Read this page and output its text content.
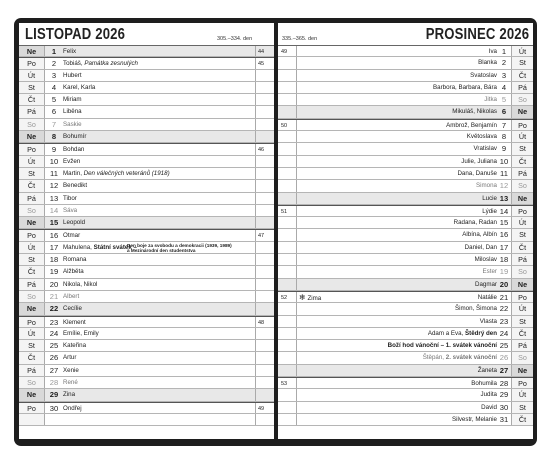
LISTOPAD 2026	305.–334. den
Ne	1	Felix	44
Po	2	Tobiáš, Památka zesnulých	45
Út	3	Hubert
St	4	Karel, Karla
Čt	5	Miriam
Pá	6	Liběna
So	7	Saskie
Ne	8	Bohumír
Po	9	Bohdan	46
Út	10 Evžen
St	11 Martin, Den válečných veteránů (1918)
Čt	12 Benedikt
Pá	13 Tibor
So	14 Sáva
Ne	15 Leopold
Po	16 Otmar	47
Út	17 Mahulena, Státní svátek –
Den boje za svobodu a demokracii (1939, 1989)
a Mezinárodní den studentstva
St	18 Romana
Čt	19 Alžběta
Pá	20 Nikola, Nikol
So	21 Albert
Ne	22 Cecílie
Po	23 Klement	48
Út	24 Emílie, Emily
St	25 Kateřina
Čt	26 Artur
Pá	27 Xenie
So	28 René
Ne	29 Zina
Po	30 Ondřej	49
335.–365. den	PROSINEC 2026
49	Iva 1	Út
Blanka 2	St
Svatoslav 3	Čt
Barbora, Barbara, Bára 4	Pá
Jitka 5	So
Mikuláš, Nikolas 6	Ne
50	Ambrož, Benjamín 7	Po
Květoslava 8	Út
Vratislav 9	St
Julie, Juliana 10	Čt
Dana, Danuše 11	Pá
Simona 12	So
Lucie 13	Ne
51	Lýdie 14	Po
Radana, Radan 15	Út
Albína, Albín 16	St
Daniel, Dan 17	Čt
Miloslav 18	Pá
Ester 19	So
Dagmar 20	Ne
52	❄ Zima	Natálie 21	Po
Šimon, Šimona 22	Út
Vlasta 23	St
Adam a Eva, Štědrý den 24	Čt
Boží hod vánoční – 1. svátek vánoční 25	Pá
Štěpán, 2. svátek vánoční 26	So
Žaneta 27	Ne
53	Bohumila 28	Po
Judita 29	Út
David 30	St
Silvestr, Melanie 31	Čt
